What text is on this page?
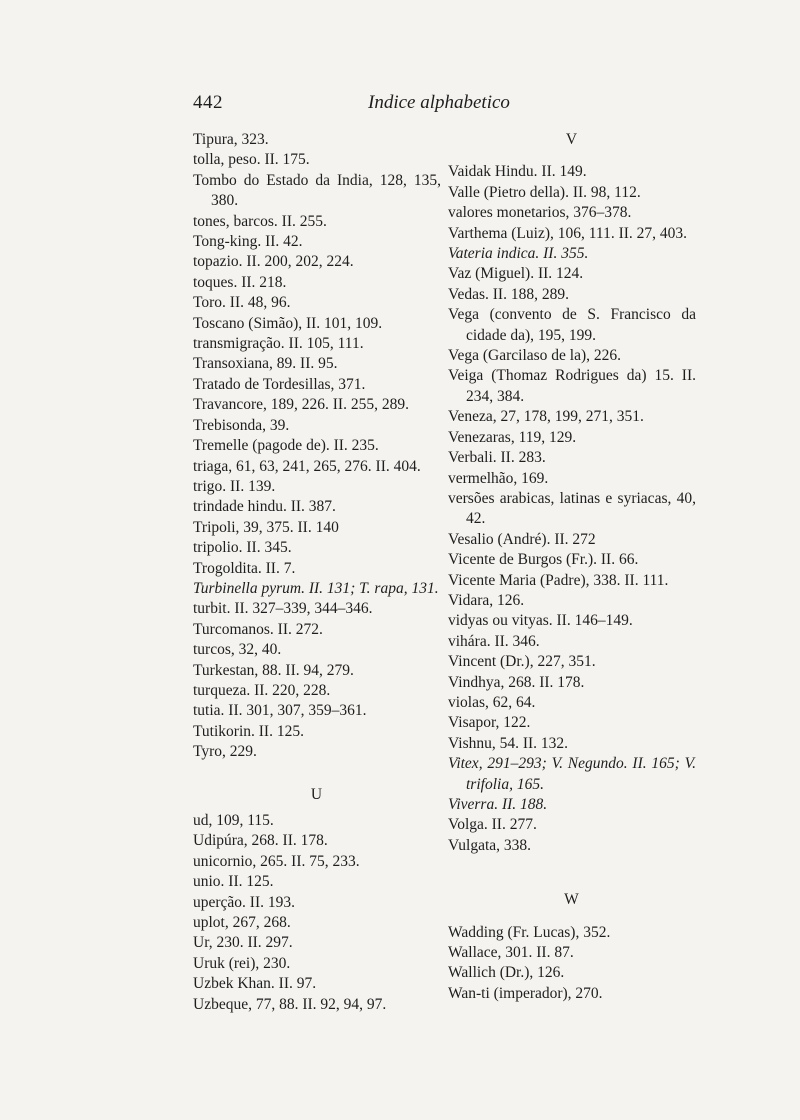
442	Indice alphabetico
Tipura, 323.
tolla, peso. II. 175.
Tombo do Estado da India, 128, 135, 380.
tones, barcos. II. 255.
Tong-king. II. 42.
topazio. II. 200, 202, 224.
toques. II. 218.
Toro. II. 48, 96.
Toscano (Simão), II. 101, 109.
transmigração. II. 105, 111.
Transoxiana, 89. II. 95.
Tratado de Tordesillas, 371.
Travancore, 189, 226. II. 255, 289.
Trebisonda, 39.
Tremelle (pagode de). II. 235.
triaga, 61, 63, 241, 265, 276. II. 404.
trigo. II. 139.
trindade hindu. II. 387.
Tripoli, 39, 375. II. 140
tripolio. II. 345.
Trogoldita. II. 7.
Turbinella pyrum. II. 131; T. rapa, 131.
turbit. II. 327–339, 344–346.
Turcomanos. II. 272.
turcos, 32, 40.
Turkestan, 88. II. 94, 279.
turqueza. II. 220, 228.
tutia. II. 301, 307, 359–361.
Tutikorin. II. 125.
Tyro, 229.
U
ud, 109, 115.
Udipúra, 268. II. 178.
unicornio, 265. II. 75, 233.
unio. II. 125.
uperção. II. 193.
uplot, 267, 268.
Ur, 230. II. 297.
Uruk (rei), 230.
Uzbek Khan. II. 97.
Uzbeque, 77, 88. II. 92, 94, 97.
V
Vaidak Hindu. II. 149.
Valle (Pietro della). II. 98, 112.
valores monetarios, 376–378.
Varthema (Luiz), 106, 111. II. 27, 403.
Vateria indica. II. 355.
Vaz (Miguel). II. 124.
Vedas. II. 188, 289.
Vega (convento de S. Francisco da cidade da), 195, 199.
Vega (Garcilaso de la), 226.
Veiga (Thomaz Rodrigues da) 15. II. 234, 384.
Veneza, 27, 178, 199, 271, 351.
Venezaras, 119, 129.
Verbali. II. 283.
vermelhão, 169.
versões arabicas, latinas e syriacas, 40, 42.
Vesalio (André). II. 272
Vicente de Burgos (Fr.). II. 66.
Vicente Maria (Padre), 338. II. 111.
Vidara, 126.
vidyas ou vityas. II. 146–149.
vihára. II. 346.
Vincent (Dr.), 227, 351.
Vindhya, 268. II. 178.
violas, 62, 64.
Visapor, 122.
Vishnu, 54. II. 132.
Vitex, 291–293; V. Negundo. II. 165; V. trifolia, 165.
Viverra. II. 188.
Volga. II. 277.
Vulgata, 338.
W
Wadding (Fr. Lucas), 352.
Wallace, 301. II. 87.
Wallich (Dr.), 126.
Wan-ti (imperador), 270.
